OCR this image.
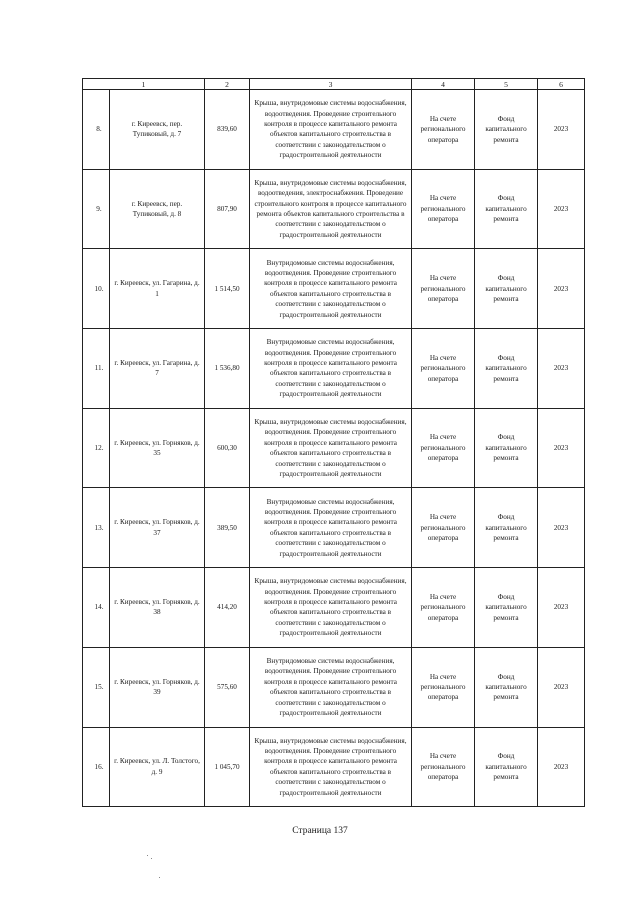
1		2	3	4	5	6
8.	г. Киреевск, пер. Тупиковый, д. 7	839,60	Крыша, внутридомовые системы водоснабжения, водоотведения. Проведение строительного контроля в процессе капитального ремонта объектов капитального строительства в соответствии с законодательством о градостроительной деятельности	На счете регионального оператора	Фонд капитального ремонта	2023
9.	г. Киреевск, пер. Тупиковый, д. 8	807,90	Крыша, внутридомовые системы водоснабжения, водоотведения, электроснабжения. Проведение строительного контроля в процессе капитального ремонта объектов капитального строительства в соответствии с законодательством о градостроительной деятельности	На счете регионального оператора	Фонд капитального ремонта	2023
10.	г. Киреевск, ул. Гагарина, д. 1	1 514,50	Внутридомовые системы водоснабжения, водоотведения. Проведение строительного контроля в процессе капитального ремонта объектов капитального строительства в соответствии с законодательством о градостроительной деятельности	На счете регионального оператора	Фонд капитального ремонта	2023
11.	г. Киреевск, ул. Гагарина, д. 7	1 536,80	Внутридомовые системы водоснабжения, водоотведения. Проведение строительного контроля в процессе капитального ремонта объектов капитального строительства в соответствии с законодательством о градостроительной деятельности	На счете регионального оператора	Фонд капитального ремонта	2023
12.	г. Киреевск, ул. Горняков, д. 35	600,30	Крыша, внутридомовые системы водоснабжения, водоотведения. Проведение строительного контроля в процессе капитального ремонта объектов капитального строительства в соответствии с законодательством о градостроительной деятельности	На счете регионального оператора	Фонд капитального ремонта	2023
13.	г. Киреевск, ул. Горняков, д. 37	389,50	Внутридомовые системы водоснабжения, водоотведения. Проведение строительного контроля в процессе капитального ремонта объектов капитального строительства в соответствии с законодательством о градостроительной деятельности	На счете регионального оператора	Фонд капитального ремонта	2023
14.	г. Киреевск, ул. Горняков, д. 38	414,20	Крыша, внутридомовые системы водоснабжения, водоотведения. Проведение строительного контроля в процессе капитального ремонта объектов капитального строительства в соответствии с законодательством о градостроительной деятельности	На счете регионального оператора	Фонд капитального ремонта	2023
15.	г. Киреевск, ул. Горняков, д. 39	575,60	Внутридомовые системы водоснабжения, водоотведения. Проведение строительного контроля в процессе капитального ремонта объектов капитального строительства в соответствии с законодательством о градостроительной деятельности	На счете регионального оператора	Фонд капитального ремонта	2023
16.	г. Киреевск, ул. Л. Толстого, д. 9	1 045,70	Крыша, внутридомовые системы водоснабжения, водоотведения. Проведение строительного контроля в процессе капитального ремонта объектов капитального строительства в соответствии с законодательством о градостроительной деятельности	На счете регионального оператора	Фонд капитального ремонта	2023
Страница 137
